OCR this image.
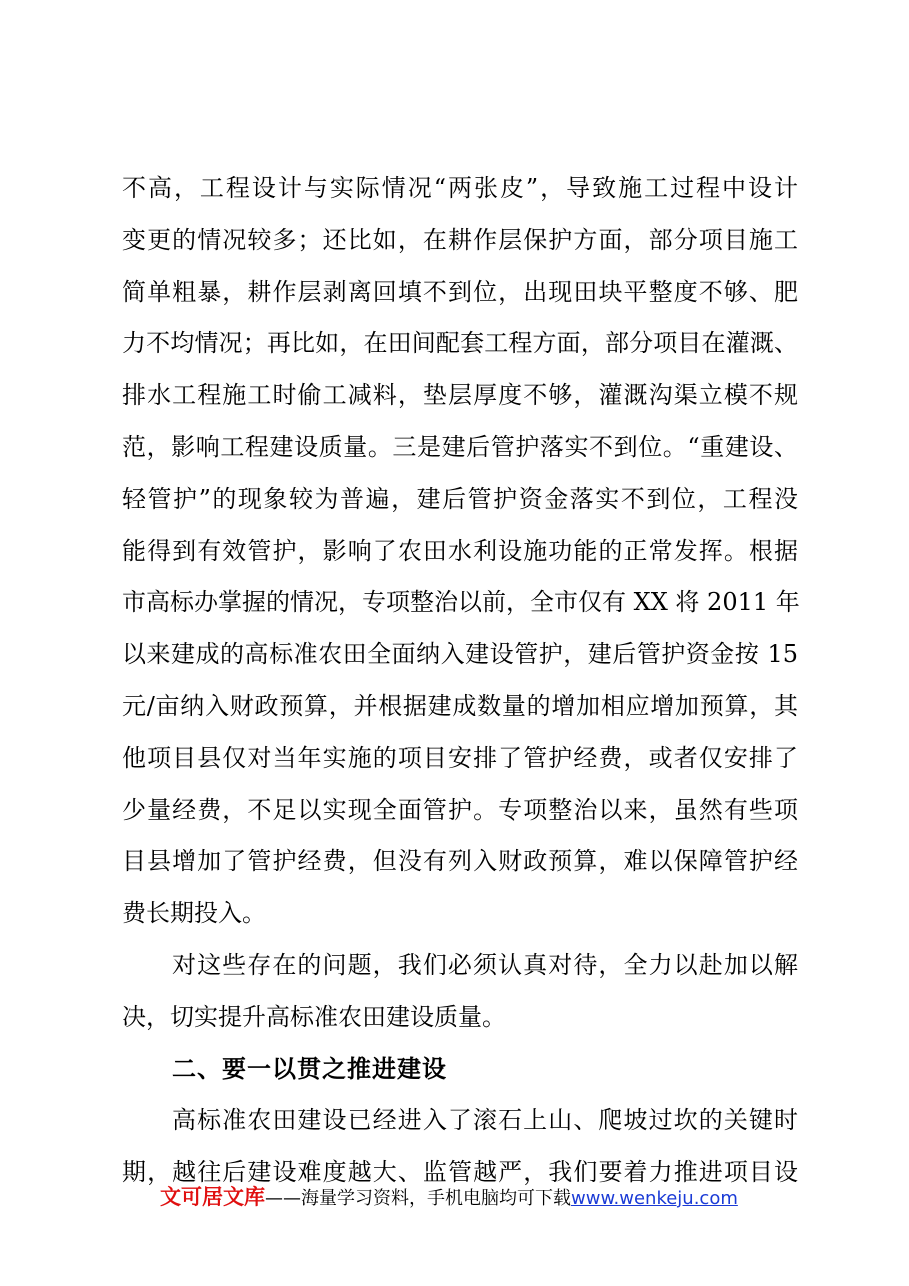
不高，工程设计与实际情况“两张皮”，导致施工过程中设计
变更的情况较多；还比如，在耕作层保护方面，部分项目施工
简单粗暴，耕作层剥离回填不到位，出现田块平整度不够、肥
力不均情况；再比如，在田间配套工程方面，部分项目在灌溉、
排水工程施工时偷工减料，垫层厚度不够，灌溉沟渠立模不规
范，影响工程建设质量。三是建后管护落实不到位。“重建设、
轻管护”的现象较为普遍，建后管护资金落实不到位，工程没
能得到有效管护，影响了农田水利设施功能的正常发挥。根据
市高标办掌握的情况，专项整治以前，全市仅有 XX 将 2011 年
以来建成的高标准农田全面纳入建设管护，建后管护资金按 15
元/亩纳入财政预算，并根据建成数量的增加相应增加预算，其
他项目县仅对当年实施的项目安排了管护经费，或者仅安排了
少量经费，不足以实现全面管护。专项整治以来，虽然有些项
目县增加了管护经费，但没有列入财政预算，难以保障管护经
费长期投入。
对这些存在的问题，我们必须认真对待，全力以赴加以解
决，切实提升高标准农田建设质量。
二、要一以贯之推进建设
高标准农田建设已经进入了滚石上山、爬坡过坎的关键时
期，越往后建设难度越大、监管越严，我们要着力推进项目设
文可居文库——海量学习资料，手机电脑均可下载www.wenkeju.com
